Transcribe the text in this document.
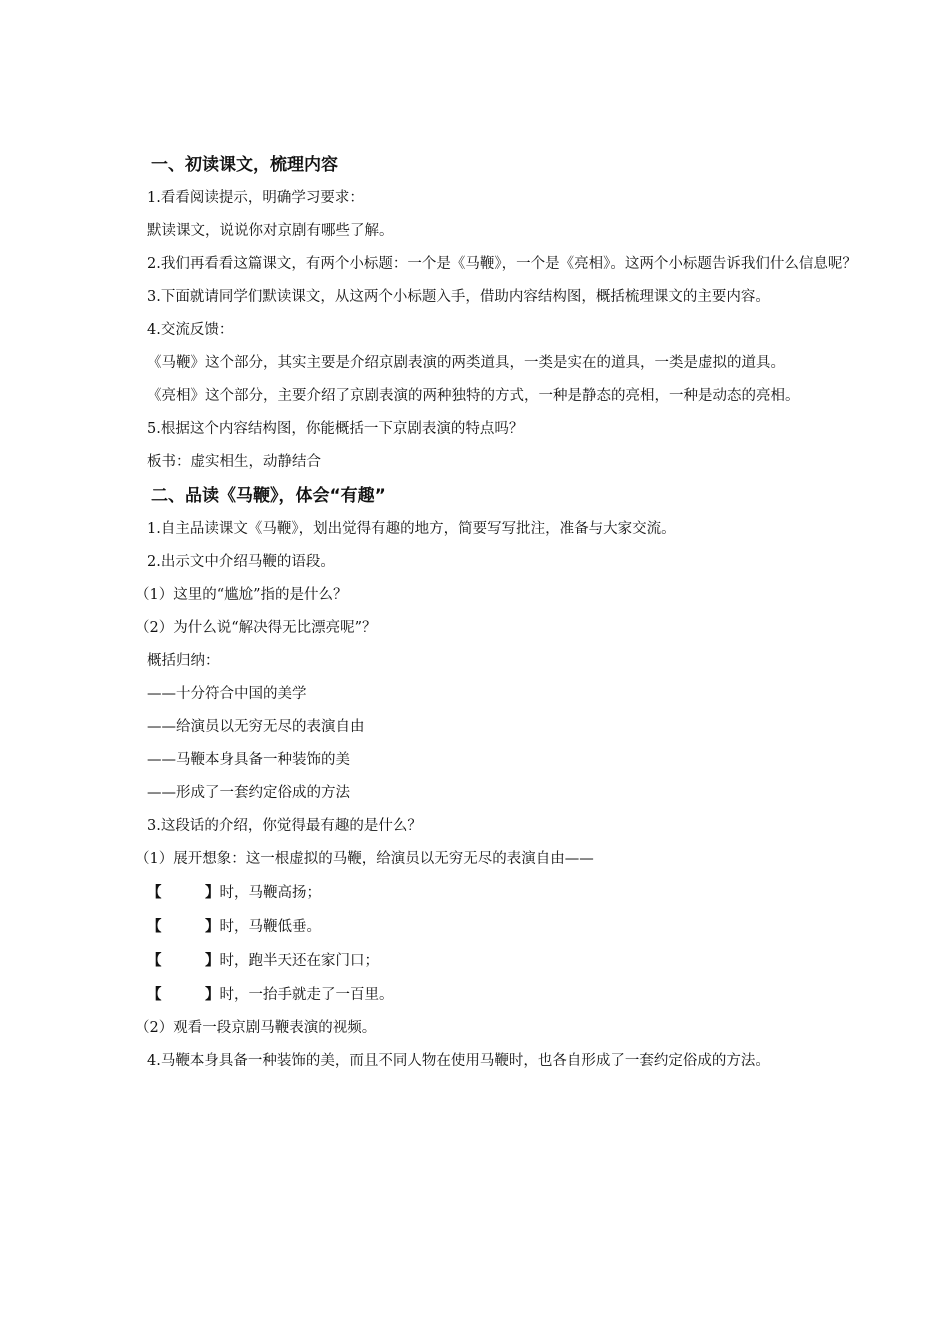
一、初读课文，梳理内容
1.看看阅读提示，明确学习要求：
默读课文，说说你对京剧有哪些了解。
2.我们再看看这篇课文，有两个小标题：一个是《马鞭》，一个是《亮相》。这两个小标题告诉我们什么信息呢？
3.下面就请同学们默读课文，从这两个小标题入手，借助内容结构图，概括梳理课文的主要内容。
4.交流反馈：
《马鞭》这个部分，其实主要是介绍京剧表演的两类道具，一类是实在的道具，一类是虚拟的道具。
《亮相》这个部分，主要介绍了京剧表演的两种独特的方式，一种是静态的亮相，一种是动态的亮相。
5.根据这个内容结构图，你能概括一下京剧表演的特点吗？
板书：虚实相生，动静结合
二、品读《马鞭》，体会“有趣”
1.自主品读课文《马鞭》，划出觉得有趣的地方，简要写写批注，准备与大家交流。
2.出示文中介绍马鞭的语段。
（1）这里的“尴尬”指的是什么？
（2）为什么说“解决得无比漂亮呢”？
概括归纳：
——十分符合中国的美学
——给演员以无穷无尽的表演自由
——马鞭本身具备一种装饰的美
——形成了一套约定俗成的方法
3.这段话的介绍，你觉得最有趣的是什么？
（1）展开想象：这一根虚拟的马鞭，给演员以无穷无尽的表演自由——
【	】时，马鞭高扬；
【	】时，马鞭低垂。
【	】时，跑半天还在家门口；
【	】时，一抬手就走了一百里。
（2）观看一段京剧马鞭表演的视频。
4.马鞭本身具备一种装饰的美，而且不同人物在使用马鞭时，也各自形成了一套约定俗成的方法。
